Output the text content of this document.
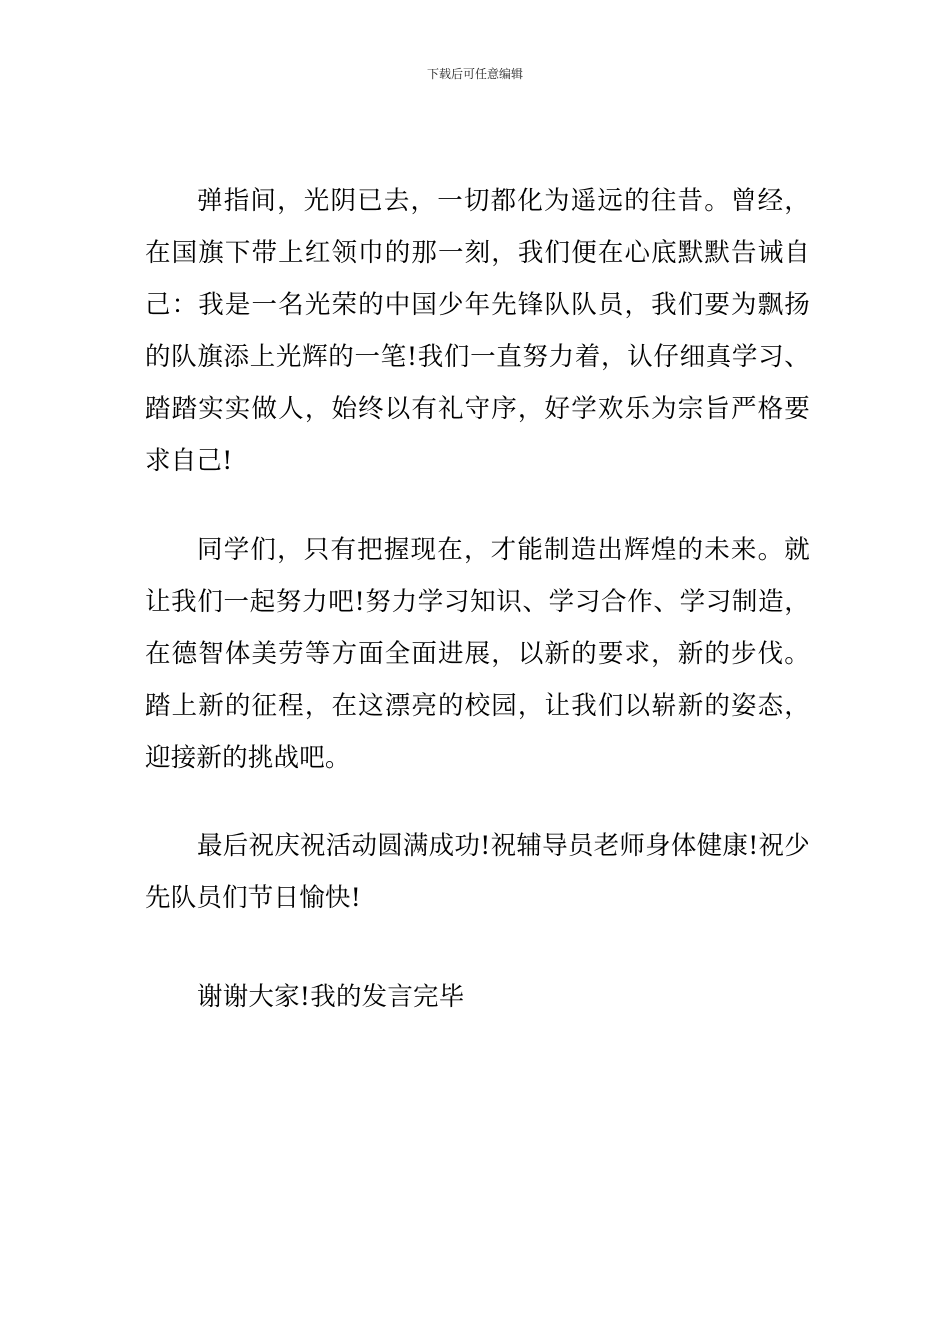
下载后可任意编辑

弹指间，光阴已去，一切都化为遥远的往昔。曾经，在国旗下带上红领巾的那一刻，我们便在心底默默告诫自己：我是一名光荣的中国少年先锋队队员，我们要为飘扬的队旗添上光辉的一笔!我们一直努力着，认仔细真学习、踏踏实实做人，始终以有礼守序，好学欢乐为宗旨严格要求自己!

同学们，只有把握现在，才能制造出辉煌的未来。就让我们一起努力吧!努力学习知识、学习合作、学习制造，在德智体美劳等方面全面进展，以新的要求，新的步伐。踏上新的征程，在这漂亮的校园，让我们以崭新的姿态，迎接新的挑战吧。

最后祝庆祝活动圆满成功!祝辅导员老师身体健康!祝少先队员们节日愉快!

谢谢大家!我的发言完毕
